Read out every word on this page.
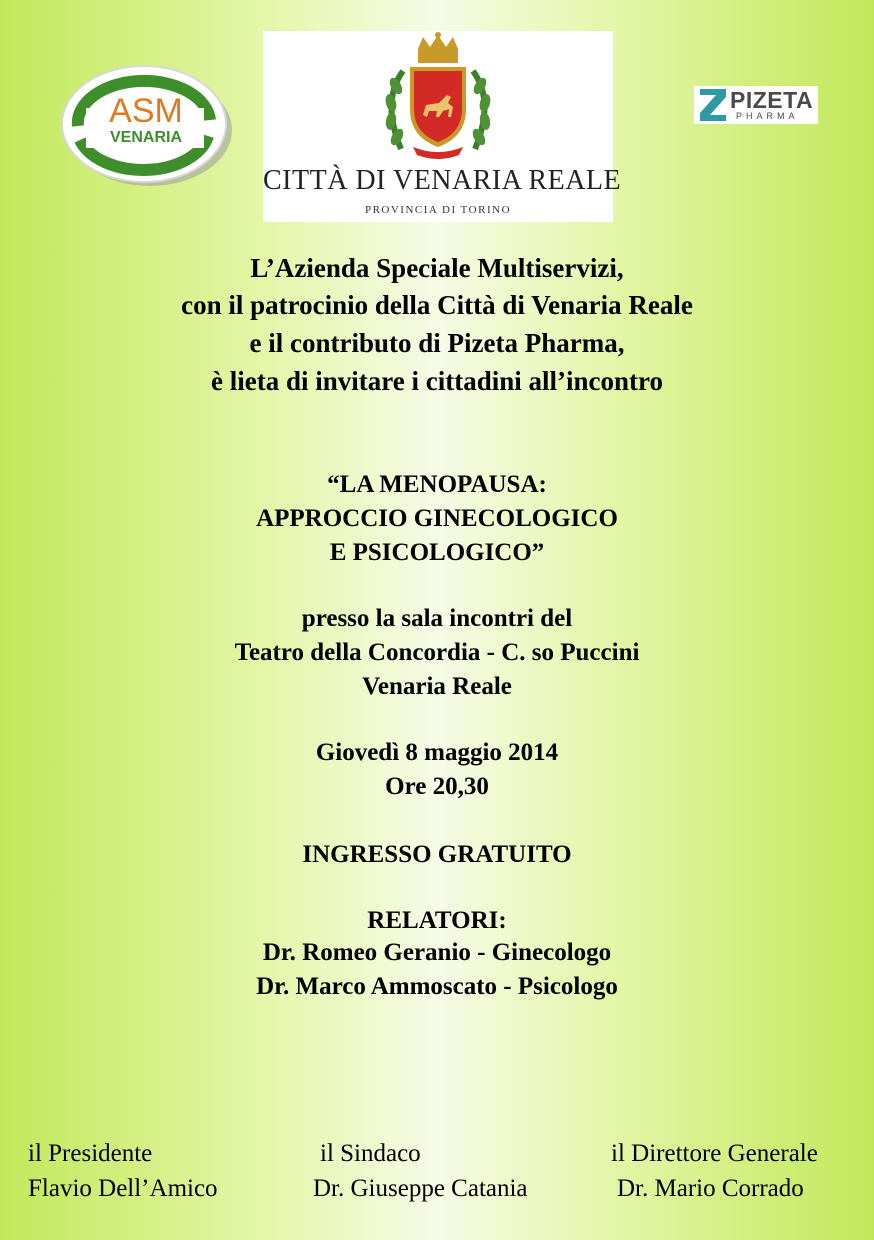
ASM
VENARIA
CITTÀ DI VENARIA REALE
PROVINCIA DI TORINO
PIZETA
PHARMA
L’Azienda Speciale Multiservizi,
con il patrocinio della Città di Venaria Reale
e il contributo di Pizeta Pharma,
è lieta di invitare i cittadini all’incontro
“LA MENOPAUSA:
APPROCCIO GINECOLOGICO
E PSICOLOGICO”
presso la sala incontri del
Teatro della Concordia - C. so Puccini
Venaria Reale
Giovedì 8 maggio 2014
Ore 20,30
INGRESSO GRATUITO
RELATORI:
Dr. Romeo Geranio - Ginecologo
Dr. Marco Ammoscato - Psicologo
il Presidente
Flavio Dell’Amico
il Sindaco
Dr. Giuseppe Catania
il Direttore Generale
Dr. Mario Corrado
